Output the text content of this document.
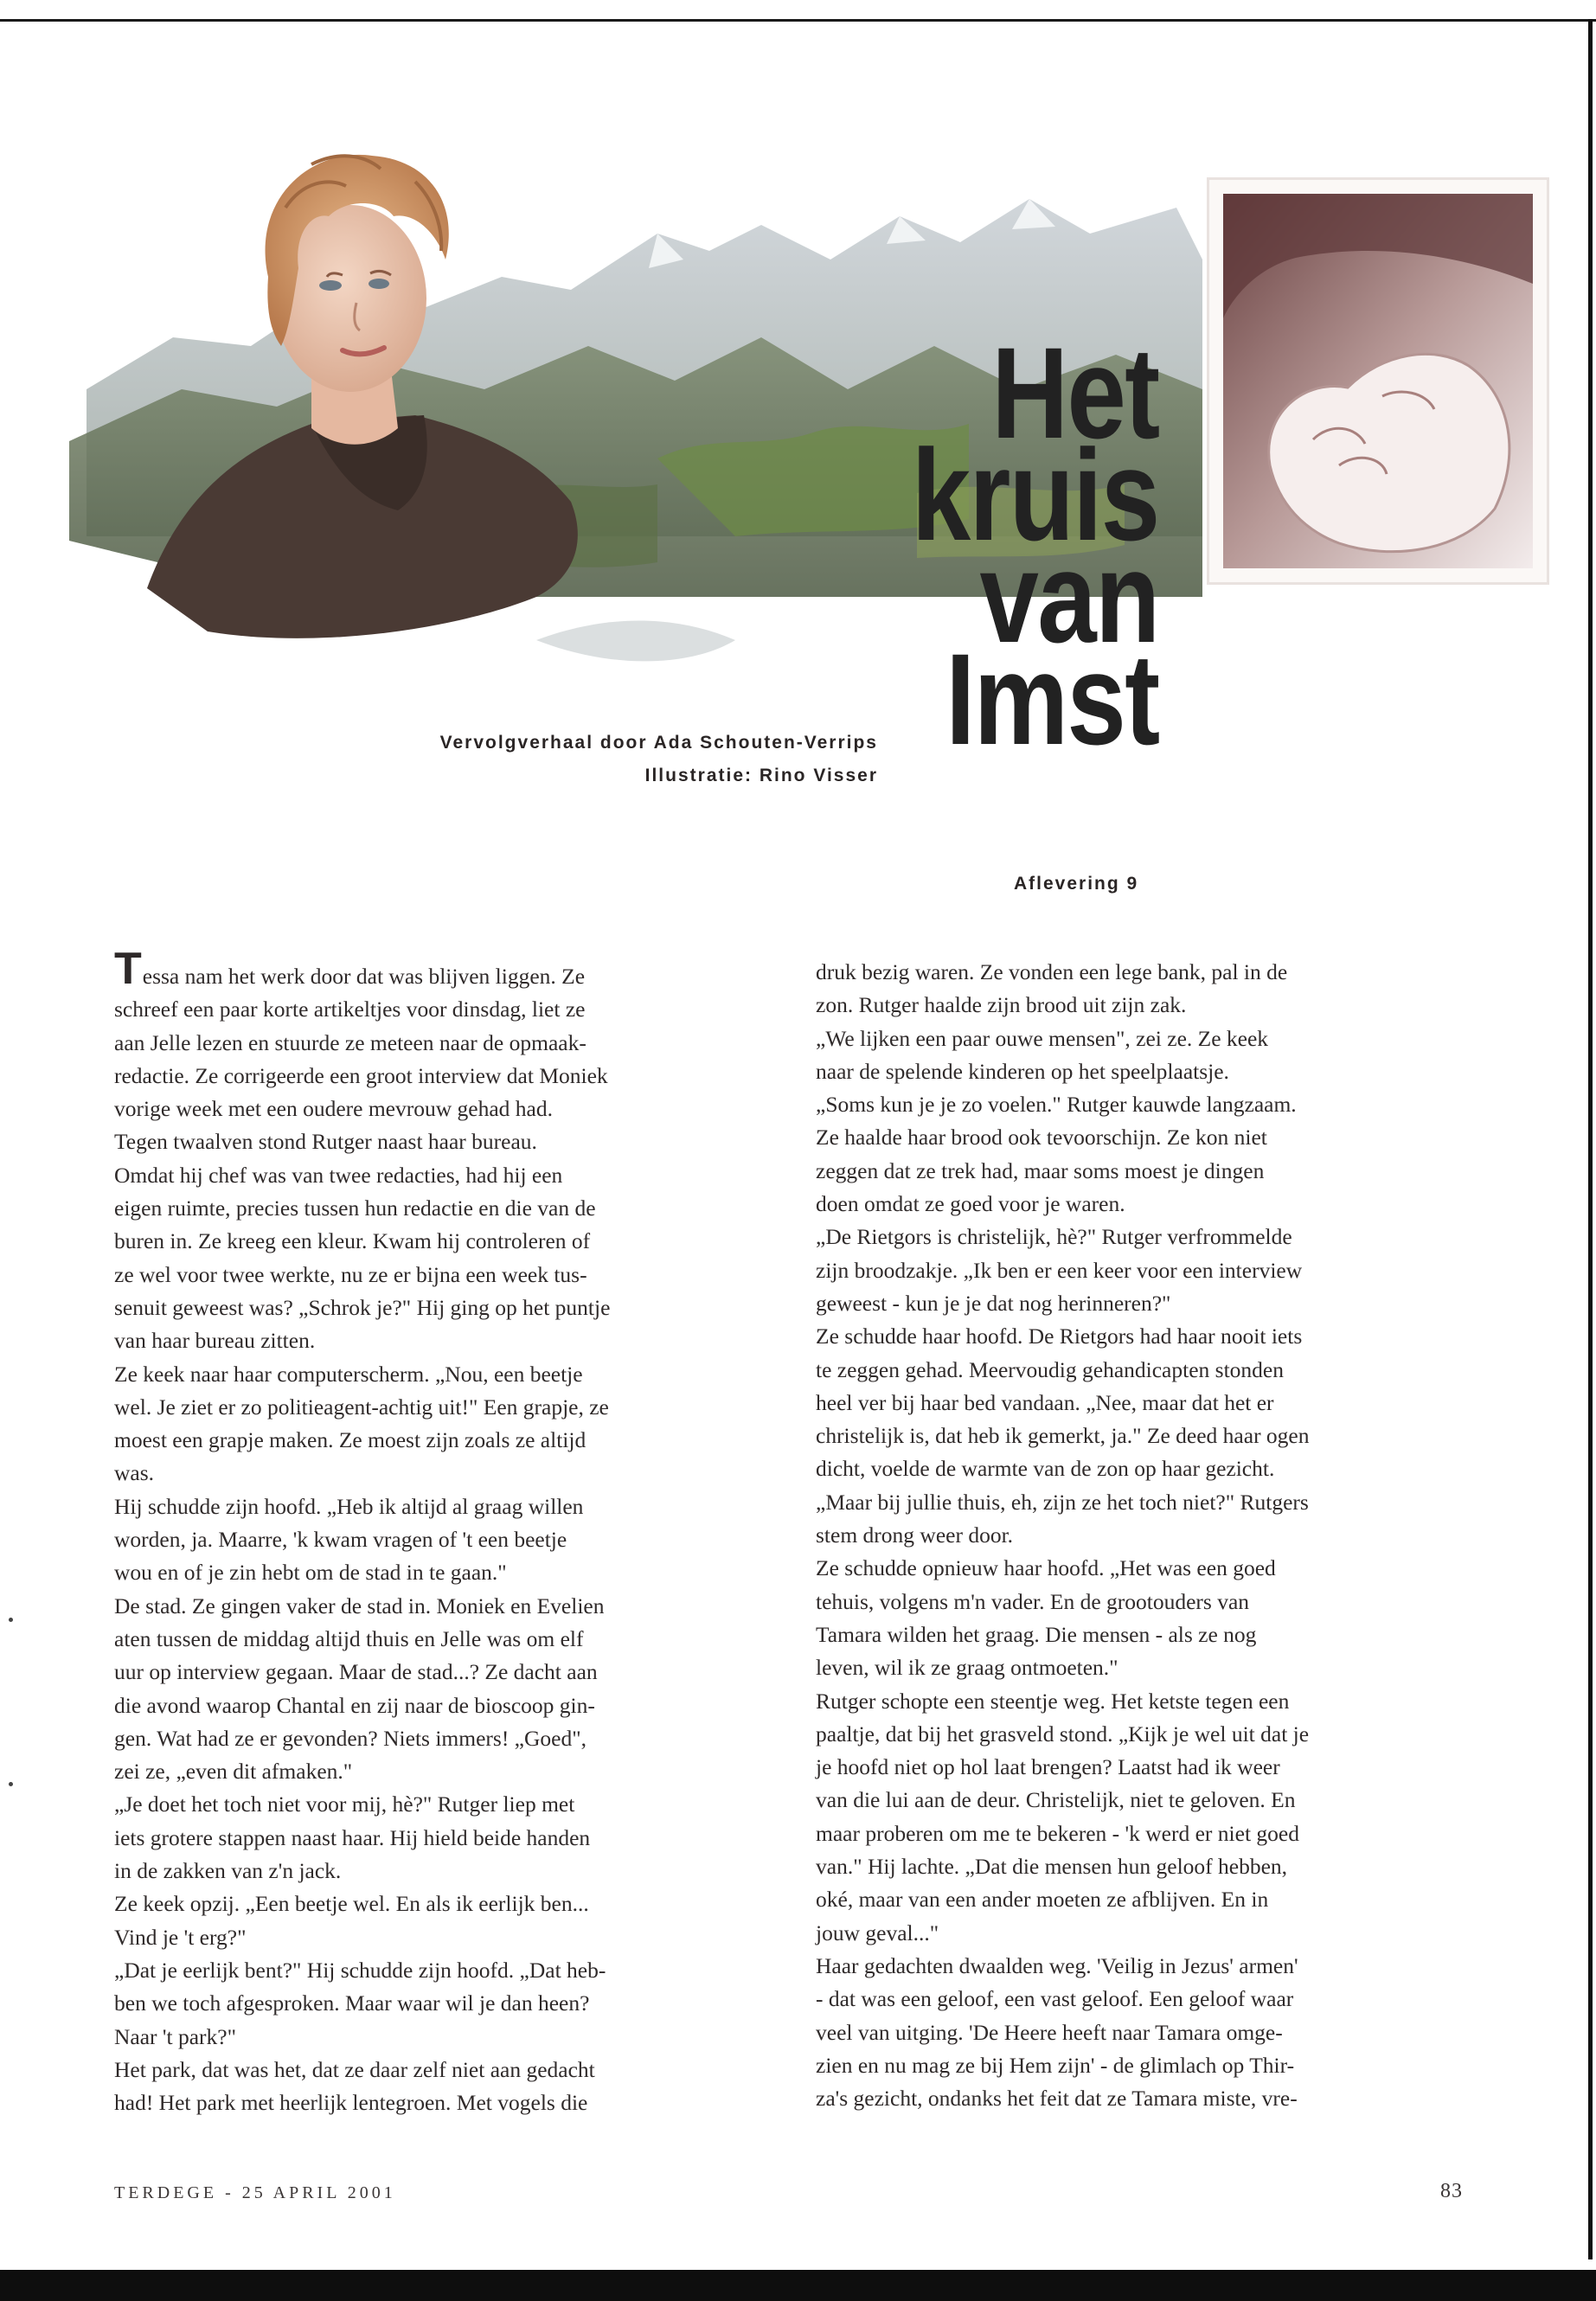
Het
kruis
van
Imst
Vervolgverhaal door Ada Schouten-Verrips
Illustratie: Rino Visser
Aflevering 9

Tessa nam het werk door dat was blijven liggen. Ze

schreef een paar korte artikeltjes voor dinsdag, liet ze

aan Jelle lezen en stuurde ze meteen naar de opmaak-

redactie. Ze corrigeerde een groot interview dat Moniek

vorige week met een oudere mevrouw gehad had.

Tegen twaalven stond Rutger naast haar bureau.

Omdat hij chef was van twee redacties, had hij een

eigen ruimte, precies tussen hun redactie en die van de

buren in. Ze kreeg een kleur. Kwam hij controleren of

ze wel voor twee werkte, nu ze er bijna een week tus-

senuit geweest was? „Schrok je?" Hij ging op het puntje

van haar bureau zitten.

Ze keek naar haar computerscherm. „Nou, een beetje

wel. Je ziet er zo politieagent-achtig uit!" Een grapje, ze

moest een grapje maken. Ze moest zijn zoals ze altijd

was.

Hij schudde zijn hoofd. „Heb ik altijd al graag willen

worden, ja. Maarre, 'k kwam vragen of 't een beetje

wou en of je zin hebt om de stad in te gaan."

De stad. Ze gingen vaker de stad in. Moniek en Evelien

aten tussen de middag altijd thuis en Jelle was om elf

uur op interview gegaan. Maar de stad...? Ze dacht aan

die avond waarop Chantal en zij naar de bioscoop gin-

gen. Wat had ze er gevonden? Niets immers! „Goed",

zei ze, „even dit afmaken."

„Je doet het toch niet voor mij, hè?" Rutger liep met

iets grotere stappen naast haar. Hij hield beide handen

in de zakken van z'n jack.

Ze keek opzij. „Een beetje wel. En als ik eerlijk ben...

Vind je 't erg?"

„Dat je eerlijk bent?" Hij schudde zijn hoofd. „Dat heb-

ben we toch afgesproken. Maar waar wil je dan heen?

Naar 't park?"

Het park, dat was het, dat ze daar zelf niet aan gedacht

had! Het park met heerlijk lentegroen. Met vogels die

druk bezig waren. Ze vonden een lege bank, pal in de

zon. Rutger haalde zijn brood uit zijn zak.

„We lijken een paar ouwe mensen", zei ze. Ze keek

naar de spelende kinderen op het speelplaatsje.

„Soms kun je je zo voelen." Rutger kauwde langzaam.

Ze haalde haar brood ook tevoorschijn. Ze kon niet

zeggen dat ze trek had, maar soms moest je dingen

doen omdat ze goed voor je waren.

„De Rietgors is christelijk, hè?" Rutger verfrommelde

zijn broodzakje. „Ik ben er een keer voor een interview

geweest - kun je je dat nog herinneren?"

Ze schudde haar hoofd. De Rietgors had haar nooit iets

te zeggen gehad. Meervoudig gehandicapten stonden

heel ver bij haar bed vandaan. „Nee, maar dat het er

christelijk is, dat heb ik gemerkt, ja." Ze deed haar ogen

dicht, voelde de warmte van de zon op haar gezicht.

„Maar bij jullie thuis, eh, zijn ze het toch niet?" Rutgers

stem drong weer door.

Ze schudde opnieuw haar hoofd. „Het was een goed

tehuis, volgens m'n vader. En de grootouders van

Tamara wilden het graag. Die mensen - als ze nog

leven, wil ik ze graag ontmoeten."

Rutger schopte een steentje weg. Het ketste tegen een

paaltje, dat bij het grasveld stond. „Kijk je wel uit dat je

je hoofd niet op hol laat brengen? Laatst had ik weer

van die lui aan de deur. Christelijk, niet te geloven. En

maar proberen om me te bekeren - 'k werd er niet goed

van." Hij lachte. „Dat die mensen hun geloof hebben,

oké, maar van een ander moeten ze afblijven. En in

jouw geval..."

Haar gedachten dwaalden weg. 'Veilig in Jezus' armen'

- dat was een geloof, een vast geloof. Een geloof waar

veel van uitging. 'De Heere heeft naar Tamara omge-

zien en nu mag ze bij Hem zijn' - de glimlach op Thir-

za's gezicht, ondanks het feit dat ze Tamara miste, vre-

TERDEGE - 25 APRIL 2001	83
